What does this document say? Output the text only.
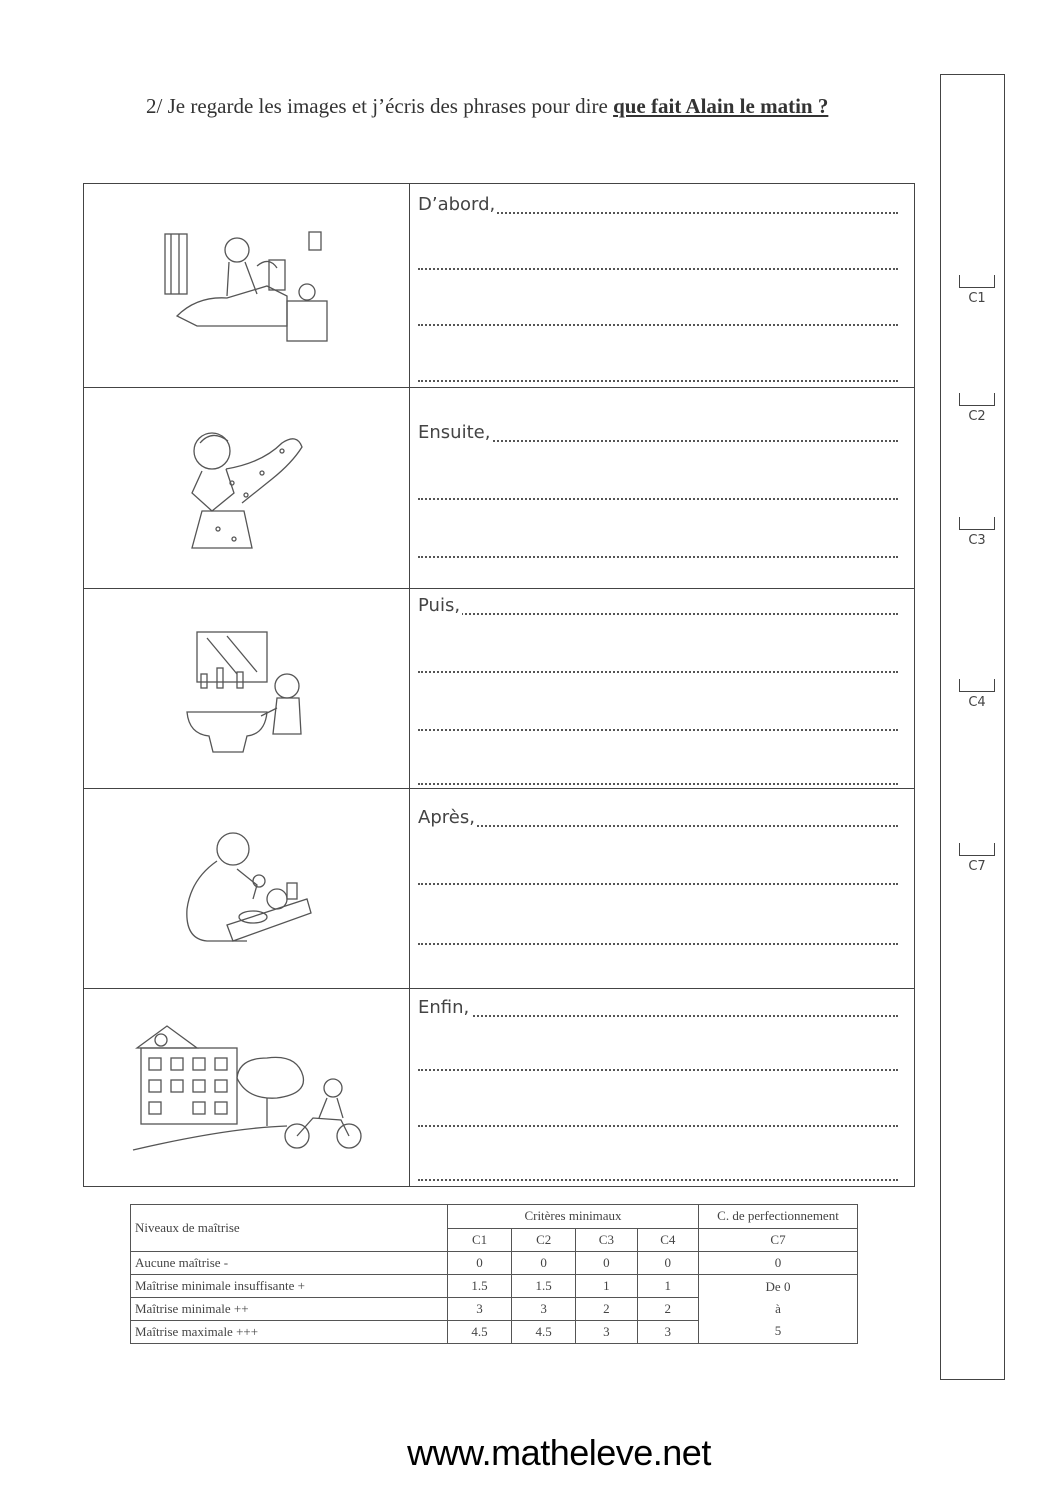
2/ Je regarde les images et j’écris des phrases pour dire que fait Alain le matin ?
D’abord,
Ensuite,
Puis,
Après,
Enfin,
C1
C2
C3
C4
C7
Niveaux de maîtrise	Critères minimaux				C. de perfectionnement
	C1	C2	C3	C4	C7
Aucune maîtrise -	0	0	0	0	0
Maîtrise minimale insuffisante +	1.5	1.5	1	1	De 0
à
5

Maîtrise minimale ++	3	3	2	2	
Maîtrise maximale +++	4.5	4.5	3	3	
www.matheleve.net
